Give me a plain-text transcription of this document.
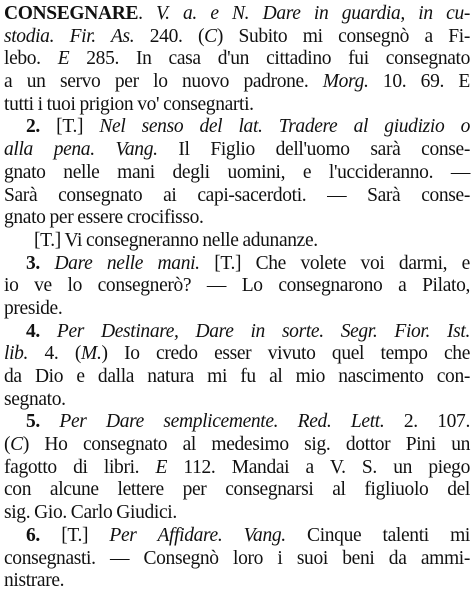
CONSEGNARE. V. a. e N. Dare in guardia, in cu-
stodia. Fir. As. 240. (C) Subito mi consegnò a Fi-
lebo. E 285. In casa d'un cittadino fui consegnato
a un servo per lo nuovo padrone. Morg. 10. 69. E
tutti i tuoi prigion vo' consegnarti.
2. [T.] Nel senso del lat. Tradere al giudizio o
alla pena. Vang. Il Figlio dell'uomo sarà conse-
gnato nelle mani degli uomini, e l'uccideranno. —
Sarà consegnato ai capi-sacerdoti. — Sarà conse-
gnato per essere crocifisso.
[T.] Vi consegneranno nelle adunanze.
3. Dare nelle mani. [T.] Che volete voi darmi, e
io ve lo consegnerò? — Lo consegnarono a Pilato,
preside.
4. Per Destinare, Dare in sorte. Segr. Fior. Ist.
lib. 4. (M.) Io credo esser vivuto quel tempo che
da Dio e dalla natura mi fu al mio nascimento con-
segnato.
5. Per Dare semplicemente. Red. Lett. 2. 107.
(C) Ho consegnato al medesimo sig. dottor Pini un
fagotto di libri. E 112. Mandai a V. S. un piego
con alcune lettere per consegnarsi al figliuolo del
sig. Gio. Carlo Giudici.
6. [T.] Per Affidare. Vang. Cinque talenti mi
consegnasti. — Consegnò loro i suoi beni da ammi-
nistrare.
